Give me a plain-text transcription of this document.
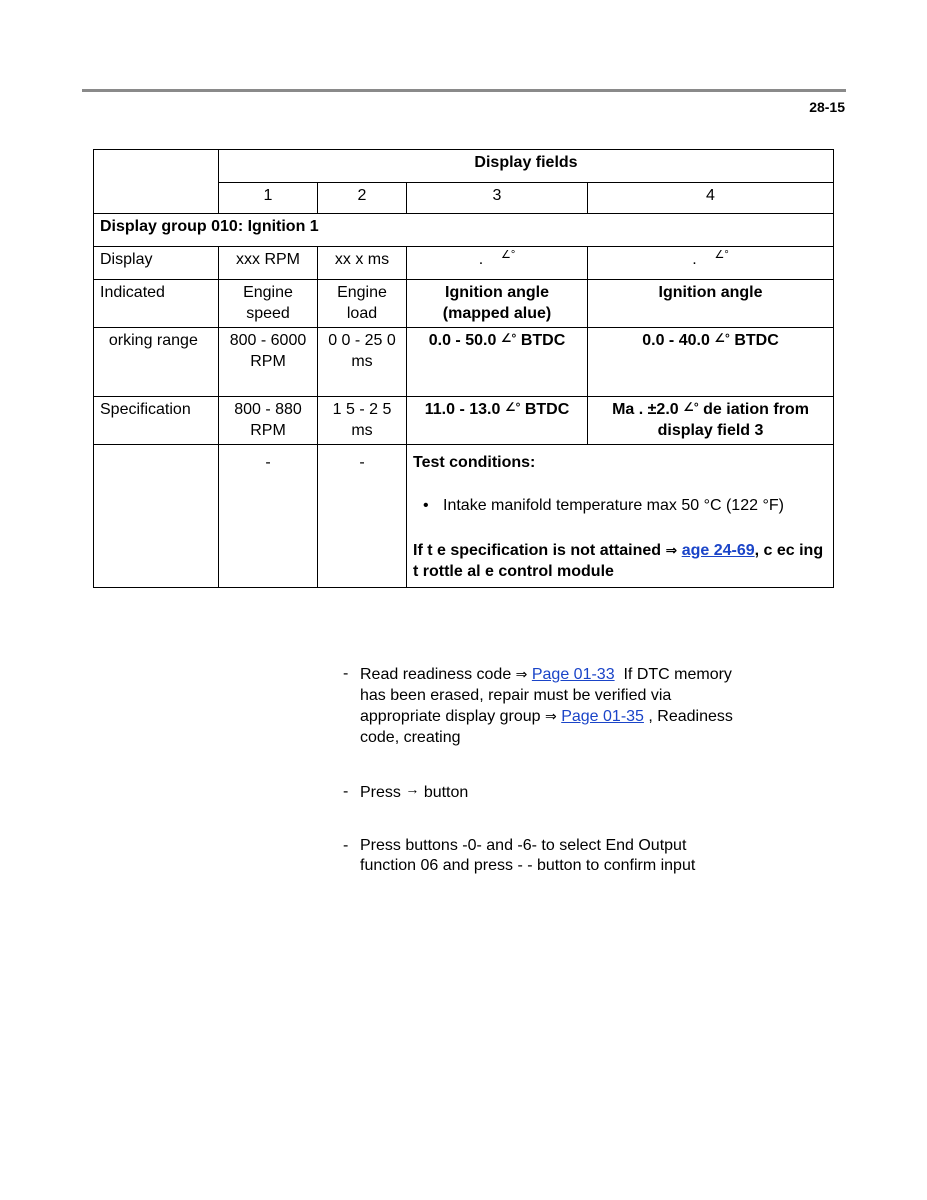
28-15
	Display fields			
	1	2	3	4
Display group 010: Ignition 1				
Display	xxx RPM	xx x ms	. ∠°	. ∠°
Indicated	Engine speed	Engine load	Ignition angle (mapped alue)	Ignition angle
orking range	800 - 6000 RPM	0 0 - 25 0 ms	0.0 - 50.0 ∠° BTDC	0.0 - 40.0 ∠° BTDC
Specification	800 - 880 RPM	1 5 - 2 5 ms	11.0 - 13.0 ∠° BTDC	Ma . ±2.0 ∠° de iation from display field 3
	-	-	Test conditions:
• Intake manifold temperature max 50 °C (122 °F)
If t e specification is not attained ⇒ age 24-69, c ec ing t rottle al e control module	
- Read readiness code ⇒ Page 01-33  If DTC memory has been erased, repair must be verified via appropriate display group ⇒ Page 01-35 , Readiness code, creating
- Press → button
- Press buttons -0- and -6- to select End Output function 06 and press - - button to confirm input
